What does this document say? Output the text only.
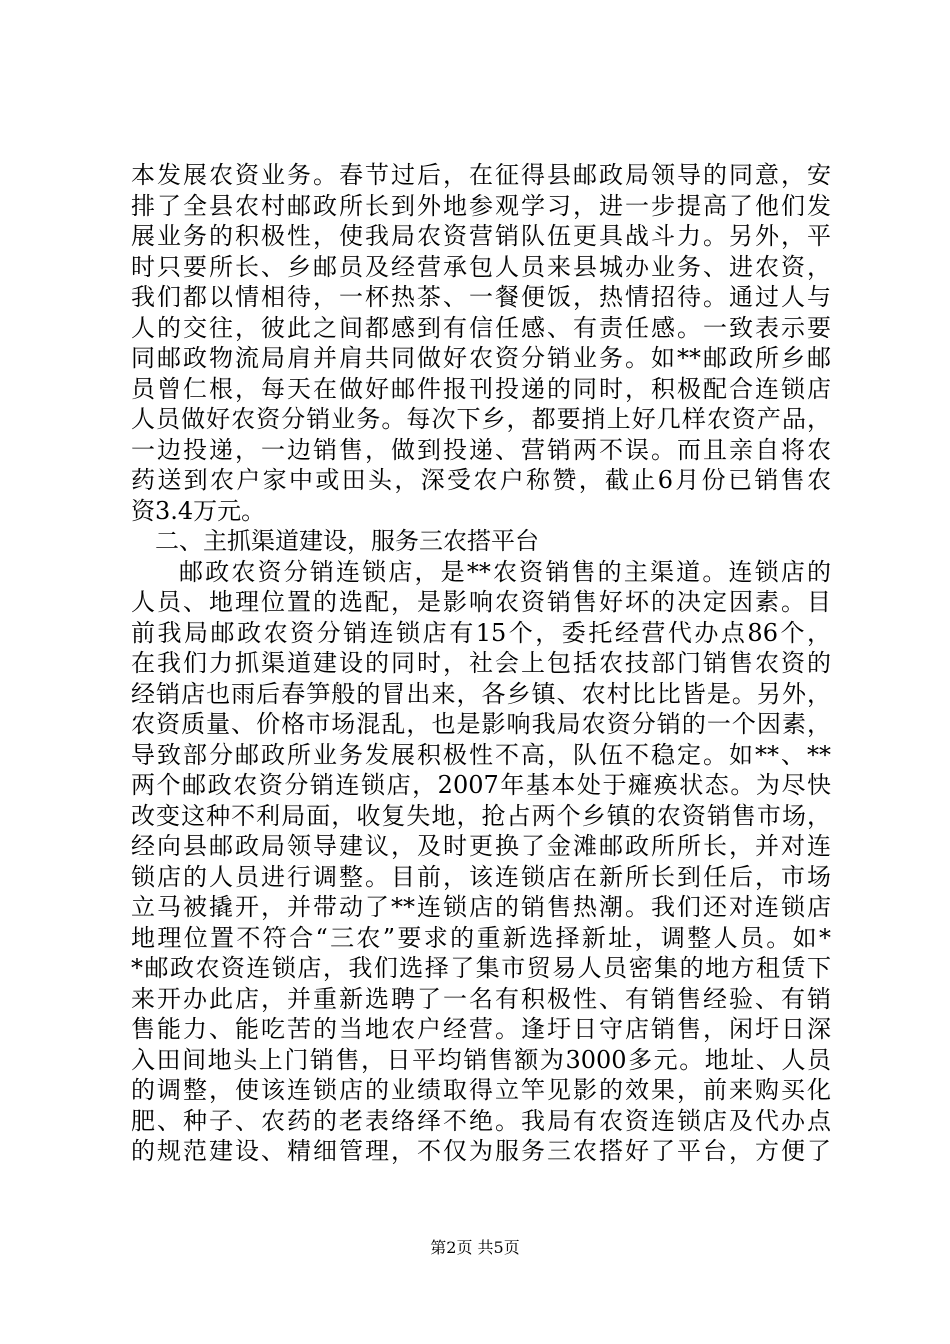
本发展农资业务。春节过后，在征得县邮政局领导的同意，安
排了全县农村邮政所长到外地参观学习，进一步提高了他们发
展业务的积极性，使我局农资营销队伍更具战斗力。另外，平
时只要所长、乡邮员及经营承包人员来县城办业务、进农资，
我们都以情相待，一杯热茶、一餐便饭，热情招待。通过人与
人的交往，彼此之间都感到有信任感、有责任感。一致表示要
同邮政物流局肩并肩共同做好农资分销业务。如**邮政所乡邮
员曾仁根，每天在做好邮件报刊投递的同时，积极配合连锁店
人员做好农资分销业务。每次下乡，都要捎上好几样农资产品，
一边投递，一边销售，做到投递、营销两不误。而且亲自将农
药送到农户家中或田头，深受农户称赞，截止6月份已销售农
资3.4万元。
二、主抓渠道建设，服务三农搭平台
邮政农资分销连锁店，是**农资销售的主渠道。连锁店的
人员、地理位置的选配，是影响农资销售好坏的决定因素。目
前我局邮政农资分销连锁店有15个，委托经营代办点86个，
在我们力抓渠道建设的同时，社会上包括农技部门销售农资的
经销店也雨后春笋般的冒出来，各乡镇、农村比比皆是。另外，
农资质量、价格市场混乱，也是影响我局农资分销的一个因素，
导致部分邮政所业务发展积极性不高，队伍不稳定。如**、**
两个邮政农资分销连锁店，2007年基本处于瘫痪状态。为尽快
改变这种不利局面，收复失地，抢占两个乡镇的农资销售市场，
经向县邮政局领导建议，及时更换了金滩邮政所所长，并对连
锁店的人员进行调整。目前，该连锁店在新所长到任后，市场
立马被撬开，并带动了**连锁店的销售热潮。我们还对连锁店
地理位置不符合“三农”要求的重新选择新址，调整人员。如*
*邮政农资连锁店，我们选择了集市贸易人员密集的地方租赁下
来开办此店，并重新选聘了一名有积极性、有销售经验、有销
售能力、能吃苦的当地农户经营。逢圩日守店销售，闲圩日深
入田间地头上门销售，日平均销售额为3000多元。地址、人员
的调整，使该连锁店的业绩取得立竿见影的效果，前来购买化
肥、种子、农药的老表络绎不绝。我局有农资连锁店及代办点
的规范建设、精细管理，不仅为服务三农搭好了平台，方便了
第2页 共5页
